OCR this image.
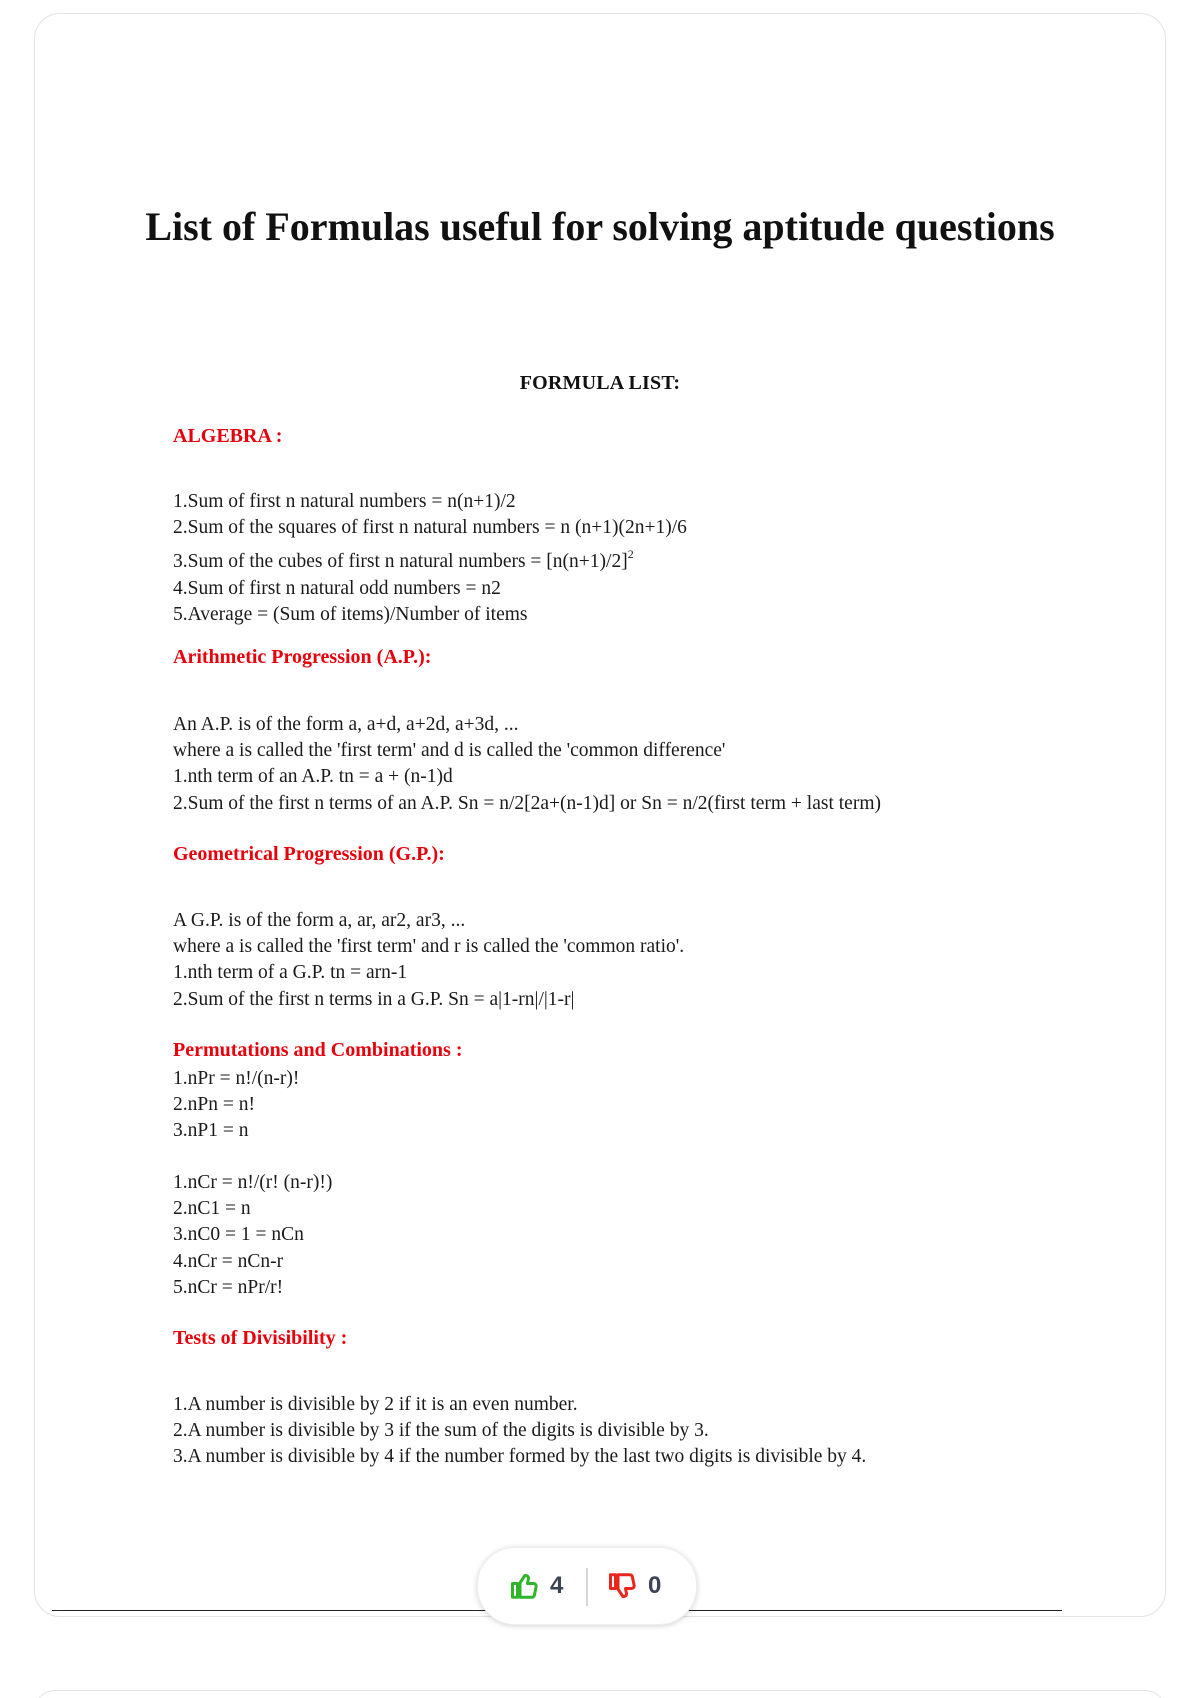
List of Formulas useful for solving aptitude questions
FORMULA LIST:
ALGEBRA :
1.Sum of first n natural numbers = n(n+1)/2
2.Sum of the squares of first n natural numbers = n (n+1)(2n+1)/6
3.Sum of the cubes of first n natural numbers = $[n(n+1)/2]^2$
4.Sum of first n natural odd numbers = n2
5.Average = (Sum of items)/Number of items
Arithmetic Progression (A.P.):
An A.P. is of the form a, a+d, a+2d, a+3d, ...
where a is called the 'first term' and d is called the 'common difference'
1.nth term of an A.P. tn = a + (n-1)d
2.Sum of the first n terms of an A.P. Sn = n/2[2a+(n-1)d] or Sn = n/2(first term + last term)
Geometrical Progression (G.P.):
A G.P. is of the form a, ar, ar2, ar3, ...
where a is called the 'first term' and r is called the 'common ratio'.
1.nth term of a G.P. tn = arn-1
2.Sum of the first n terms in a G.P. Sn = a|1-rn|/|1-r|
Permutations and Combinations :
1.nPr = n!/(n-r)!
2.nPn = n!
3.nP1 = n
1.nCr = n!/(r! (n-r)!)
2.nC1 = n
3.nC0 = 1 = nCn
4.nCr = nCn-r
5.nCr = nPr/r!
Tests of Divisibility :
1.A number is divisible by 2 if it is an even number.
2.A number is divisible by 3 if the sum of the digits is divisible by 3.
3.A number is divisible by 4 if the number formed by the last two digits is divisible by 4.
4	0
